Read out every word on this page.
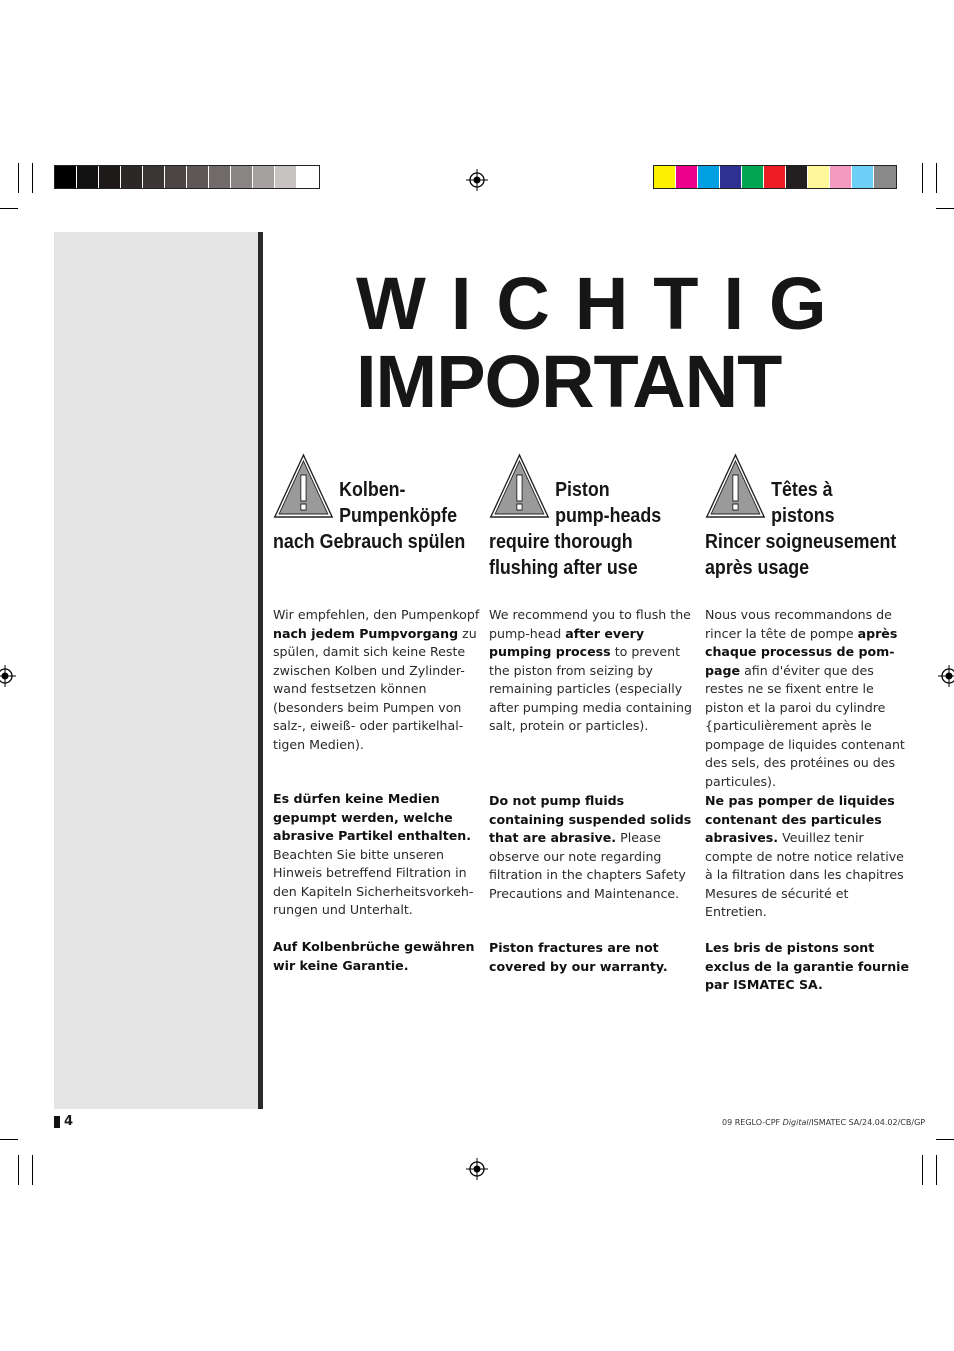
WICHTIG
IMPORTANT
Kolben-
Pumpenköpfe
nach Gebrauch spülen

Wir empfehlen, den Pumpenkopf nach jedem Pumpvorgang zu spülen, damit sich keine Reste zwischen Kolben und Zylinder-wand festsetzen können (besonders beim Pumpen von salz-, eiweiß- oder partikelhal-tigen Medien).

Es dürfen keine Medien gepumpt werden, welche abrasive Partikel enthalten. Beachten Sie bitte unseren Hinweis betreffend Filtration in den Kapiteln Sicherheitsvorkeh-rungen und Unterhalt.

Auf Kolbenbrüche gewähren wir keine Garantie.

Piston
pump-heads
require thorough
flushing after use

We recommend you to flush the pump-head after every pumping process to prevent the piston from seizing by remaining particles (especially after pumping media containing salt, protein or particles).

Do not pump fluids containing suspended solids that are abrasive. Please observe our note regarding filtration in the chapters Safety Precautions and Maintenance.

Piston fractures are not covered by our warranty.

Têtes à
pistons
Rincer soigneusement
après usage

Nous vous recommandons de rincer la tête de pompe après chaque processus de pom-page afin d'éviter que des restes ne se fixent entre le piston et la paroi du cylindre {particulièrement après le pompage de liquides contenant des sels, des protéines ou des particules).

Ne pas pomper de liquides contenant des particules abrasives. Veuillez tenir compte de notre notice relative à la filtration dans les chapitres Mesures de sécurité et Entretien.

Les bris de pistons sont exclus de la garantie fournie par ISMATEC SA.

4	09 REGLO-CPF Digital/ISMATEC SA/24.04.02/CB/GP
